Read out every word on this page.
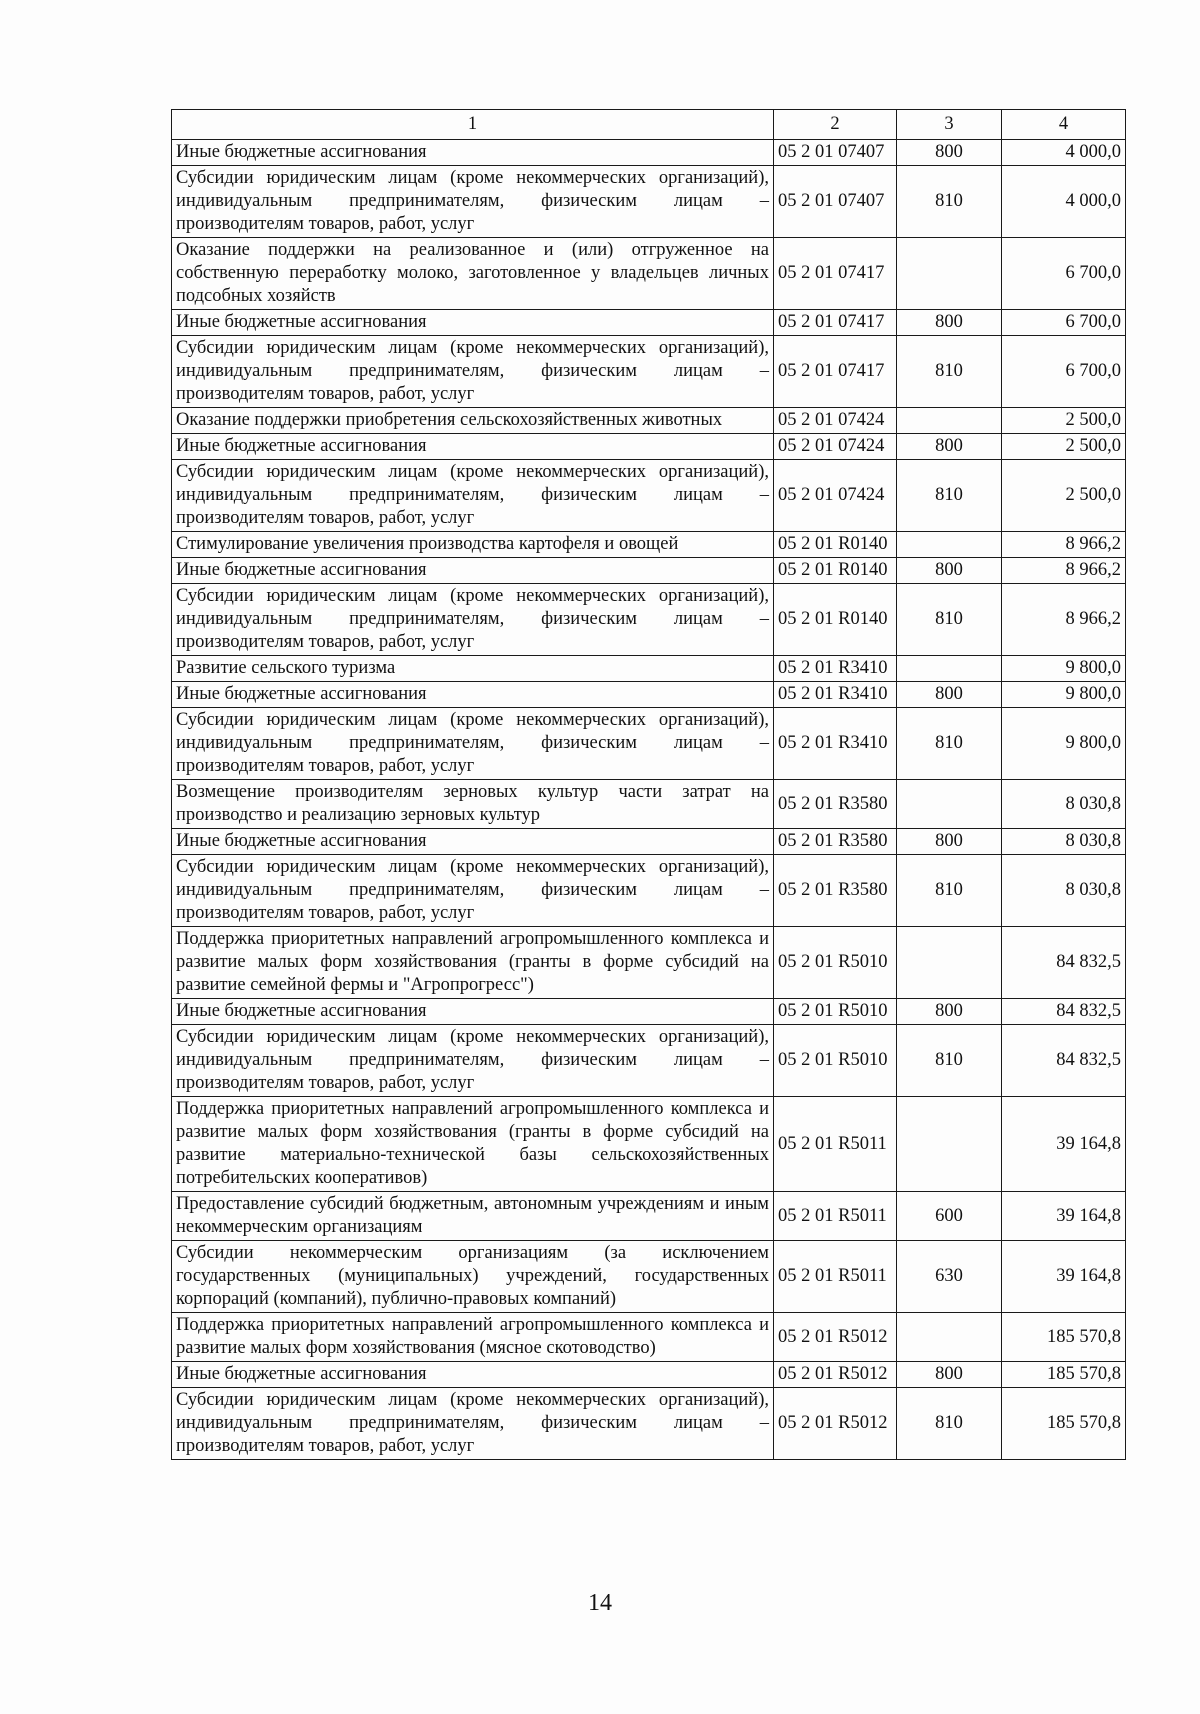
1	2	3	4
Иные бюджетные ассигнования	05 2 01 07407	800	4 000,0
Субсидии юридическим лицам (кроме некоммерческих организаций), индивидуальным предпринимателям, физическим лицам – производителям товаров, работ, услуг	05 2 01 07407	810	4 000,0
Оказание поддержки на реализованное и (или) отгруженное на собственную переработку молоко, заготовленное у владельцев личных подсобных хозяйств	05 2 01 07417		6 700,0
Иные бюджетные ассигнования	05 2 01 07417	800	6 700,0
Субсидии юридическим лицам (кроме некоммерческих организаций), индивидуальным предпринимателям, физическим лицам – производителям товаров, работ, услуг	05 2 01 07417	810	6 700,0
Оказание поддержки приобретения сельскохозяйственных животных	05 2 01 07424		2 500,0
Иные бюджетные ассигнования	05 2 01 07424	800	2 500,0
Субсидии юридическим лицам (кроме некоммерческих организаций), индивидуальным предпринимателям, физическим лицам – производителям товаров, работ, услуг	05 2 01 07424	810	2 500,0
Стимулирование увеличения производства картофеля и овощей	05 2 01 R0140		8 966,2
Иные бюджетные ассигнования	05 2 01 R0140	800	8 966,2
Субсидии юридическим лицам (кроме некоммерческих организаций), индивидуальным предпринимателям, физическим лицам – производителям товаров, работ, услуг	05 2 01 R0140	810	8 966,2
Развитие сельского туризма	05 2 01 R3410		9 800,0
Иные бюджетные ассигнования	05 2 01 R3410	800	9 800,0
Субсидии юридическим лицам (кроме некоммерческих организаций), индивидуальным предпринимателям, физическим лицам – производителям товаров, работ, услуг	05 2 01 R3410	810	9 800,0
Возмещение производителям зерновых культур части затрат на производство и реализацию зерновых культур	05 2 01 R3580		8 030,8
Иные бюджетные ассигнования	05 2 01 R3580	800	8 030,8
Субсидии юридическим лицам (кроме некоммерческих организаций), индивидуальным предпринимателям, физическим лицам – производителям товаров, работ, услуг	05 2 01 R3580	810	8 030,8
Поддержка приоритетных направлений агропромышленного комплекса и развитие малых форм хозяйствования (гранты в форме субсидий на развитие семейной фермы и "Агропрогресс")	05 2 01 R5010		84 832,5
Иные бюджетные ассигнования	05 2 01 R5010	800	84 832,5
Субсидии юридическим лицам (кроме некоммерческих организаций), индивидуальным предпринимателям, физическим лицам – производителям товаров, работ, услуг	05 2 01 R5010	810	84 832,5
Поддержка приоритетных направлений агропромышленного комплекса и развитие малых форм хозяйствования (гранты в форме субсидий на развитие материально-технической базы сельскохозяйственных потребительских кооперативов)	05 2 01 R5011		39 164,8
Предоставление субсидий бюджетным, автономным учреждениям и иным некоммерческим организациям	05 2 01 R5011	600	39 164,8
Субсидии некоммерческим организациям (за исключением государственных (муниципальных) учреждений, государственных корпораций (компаний), публично-правовых компаний)	05 2 01 R5011	630	39 164,8
Поддержка приоритетных направлений агропромышленного комплекса и развитие малых форм хозяйствования (мясное скотоводство)	05 2 01 R5012		185 570,8
Иные бюджетные ассигнования	05 2 01 R5012	800	185 570,8
Субсидии юридическим лицам (кроме некоммерческих организаций), индивидуальным предпринимателям, физическим лицам – производителям товаров, работ, услуг	05 2 01 R5012	810	185 570,8
14
